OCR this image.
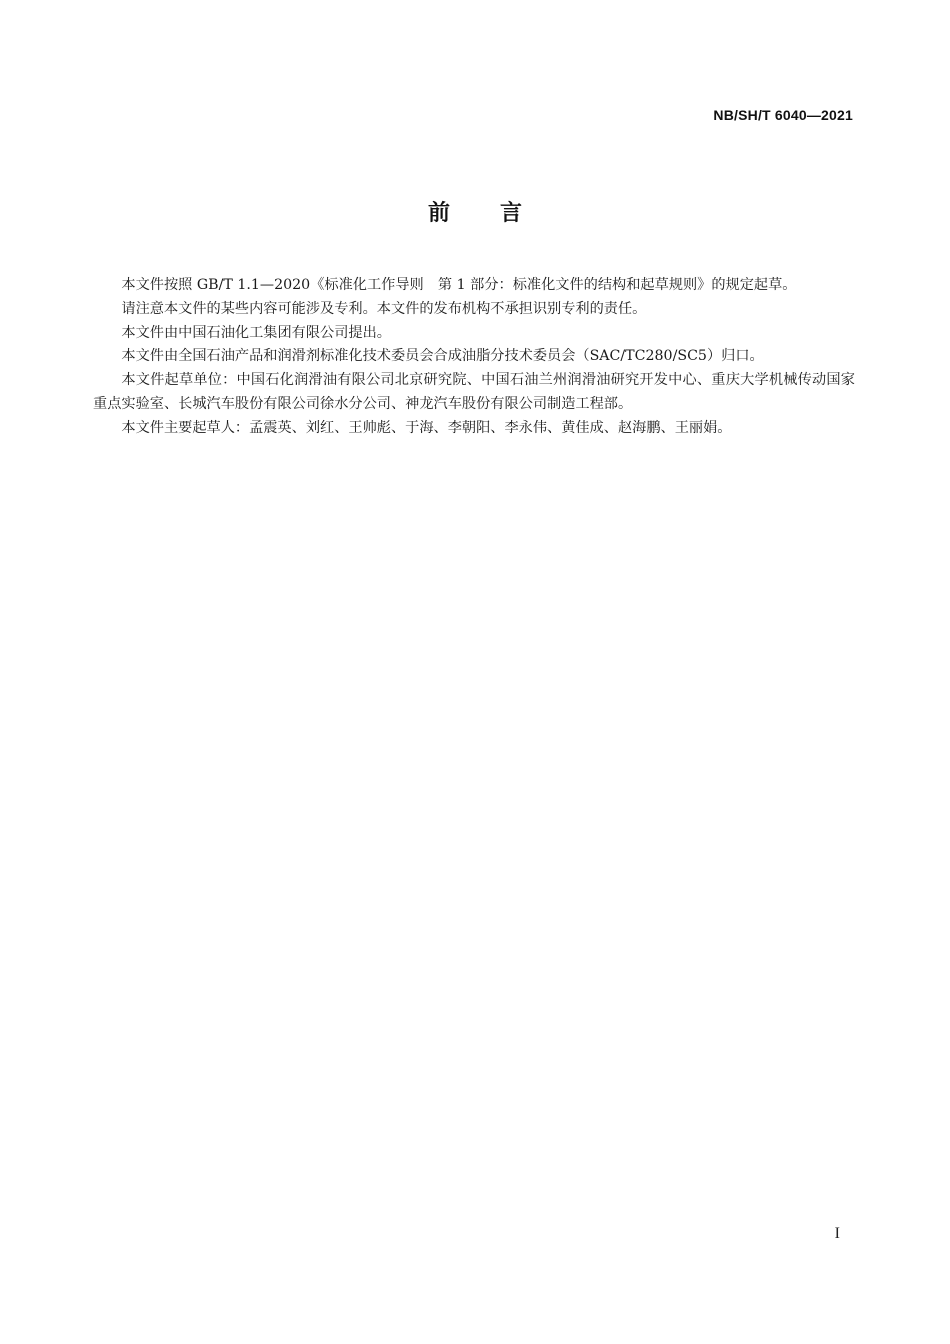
NB/SH/T 6040—2021
前言

本文件按照 GB/T 1.1—2020《标准化工作导则　第 1 部分：标准化文件的结构和起草规则》的规定起草。

请注意本文件的某些内容可能涉及专利。本文件的发布机构不承担识别专利的责任。

本文件由中国石油化工集团有限公司提出。

本文件由全国石油产品和润滑剂标准化技术委员会合成油脂分技术委员会（SAC/TC280/SC5）归口。

本文件起草单位：中国石化润滑油有限公司北京研究院、中国石油兰州润滑油研究开发中心、重庆大学机械传动国家重点实验室、长城汽车股份有限公司徐水分公司、神龙汽车股份有限公司制造工程部。

本文件主要起草人：孟震英、刘红、王帅彪、于海、李朝阳、李永伟、黄佳成、赵海鹏、王丽娟。

I
